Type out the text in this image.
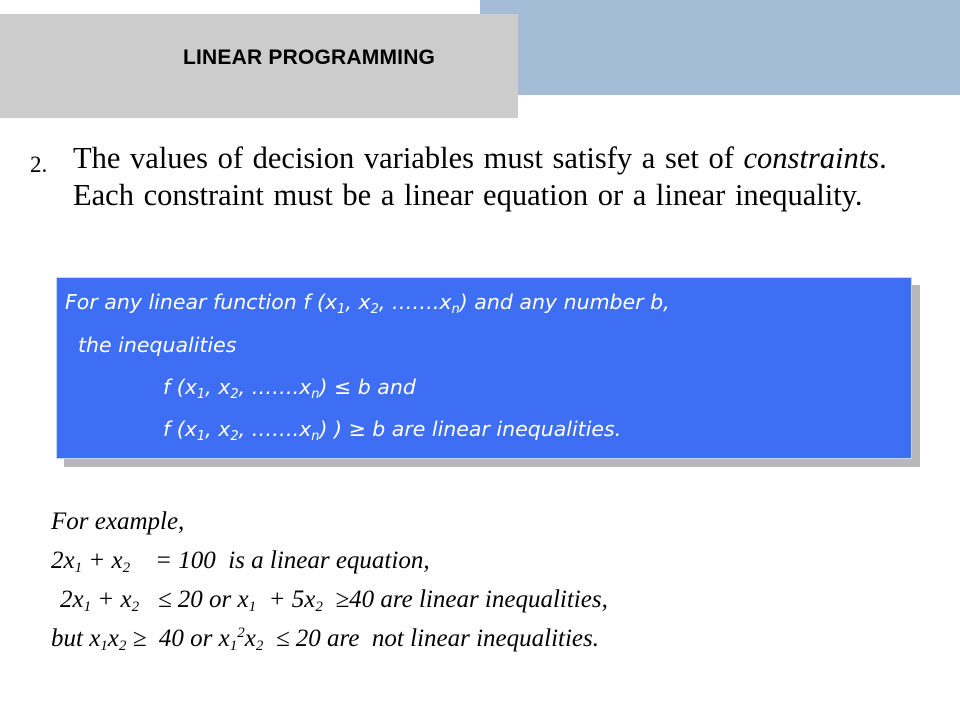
LINEAR PROGRAMMING
2. The values of decision variables must satisfy a set of constraints. Each constraint must be a linear equation or a linear inequality.
For any linear function f ($x_1$, $x_2$, $\dots\dots.x_n$) and any number b,
the inequalities
f ($x_1$, $x_2$, $\dots\dots.x_n) \le b$ and
f ($x_1$, $x_2$, $\dots\dots.x_n$) ) ≥ b are linear inequalities.
For example,
$2x_1 + x_2$    = 100  is a linear equation,
$2x_1 + x_2 \le 20$ or $x_1 + 5x_2 \ge 40$ are linear inequalities,
but $x_1x_2 \ge 40$ or $x_1^2x_2 \le 20$ are  not linear inequalities.
